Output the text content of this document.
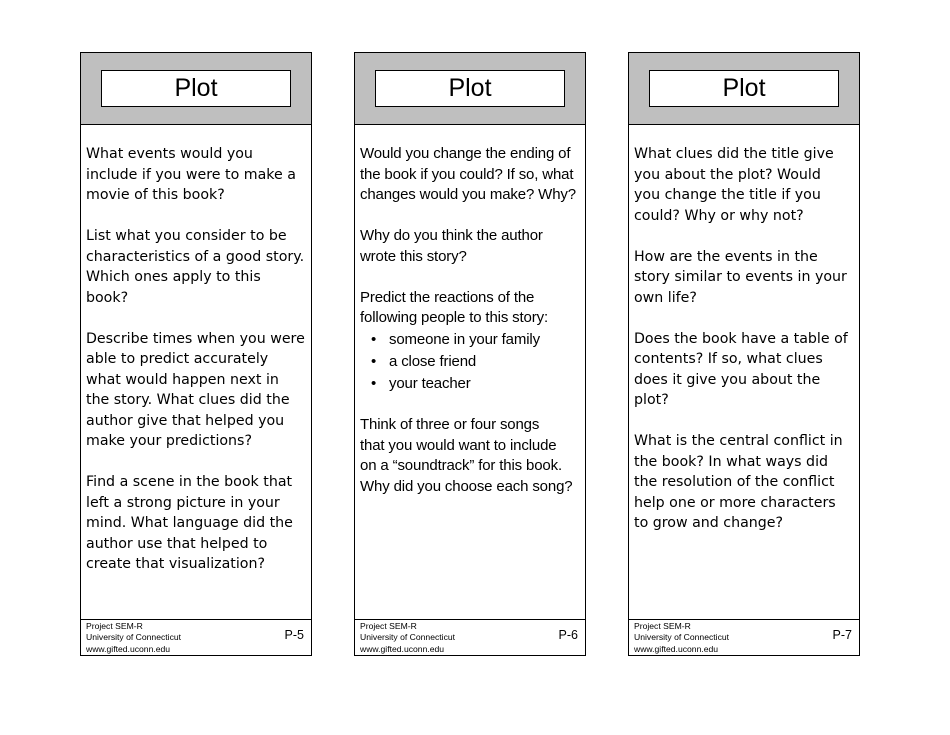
Plot

What events would you
include if you were to make a
movie of this book?

List what you consider to be
characteristics of a good story.
Which ones apply to this
book?

Describe times when you were
able to predict accurately
what would happen next in
the story. What clues did the
author give that helped you
make your predictions?

Find a scene in the book that
left a strong picture in your
mind. What language did the
author use that helped to
create that visualization?

Project SEM-R
University of Connecticut
www.gifted.uconn.edu
P-5
Plot

Would you change the ending of
the book if you could? If so, what
changes would you make? Why?

Why do you think the author
wrote this story?

Predict the reactions of the
following people to this story:

• someone in your family
• a close friend
• your teacher

Think of three or four songs
that you would want to include
on a “soundtrack” for this book.
Why did you choose each song?

Project SEM-R
University of Connecticut
www.gifted.uconn.edu
P-6
Plot

What clues did the title give
you about the plot? Would
you change the title if you
could? Why or why not?

How are the events in the
story similar to events in your
own life?

Does the book have a table of
contents? If so, what clues
does it give you about the
plot?

What is the central conflict in
the book? In what ways did
the resolution of the conflict
help one or more characters
to grow and change?

Project SEM-R
University of Connecticut
www.gifted.uconn.edu
P-7
